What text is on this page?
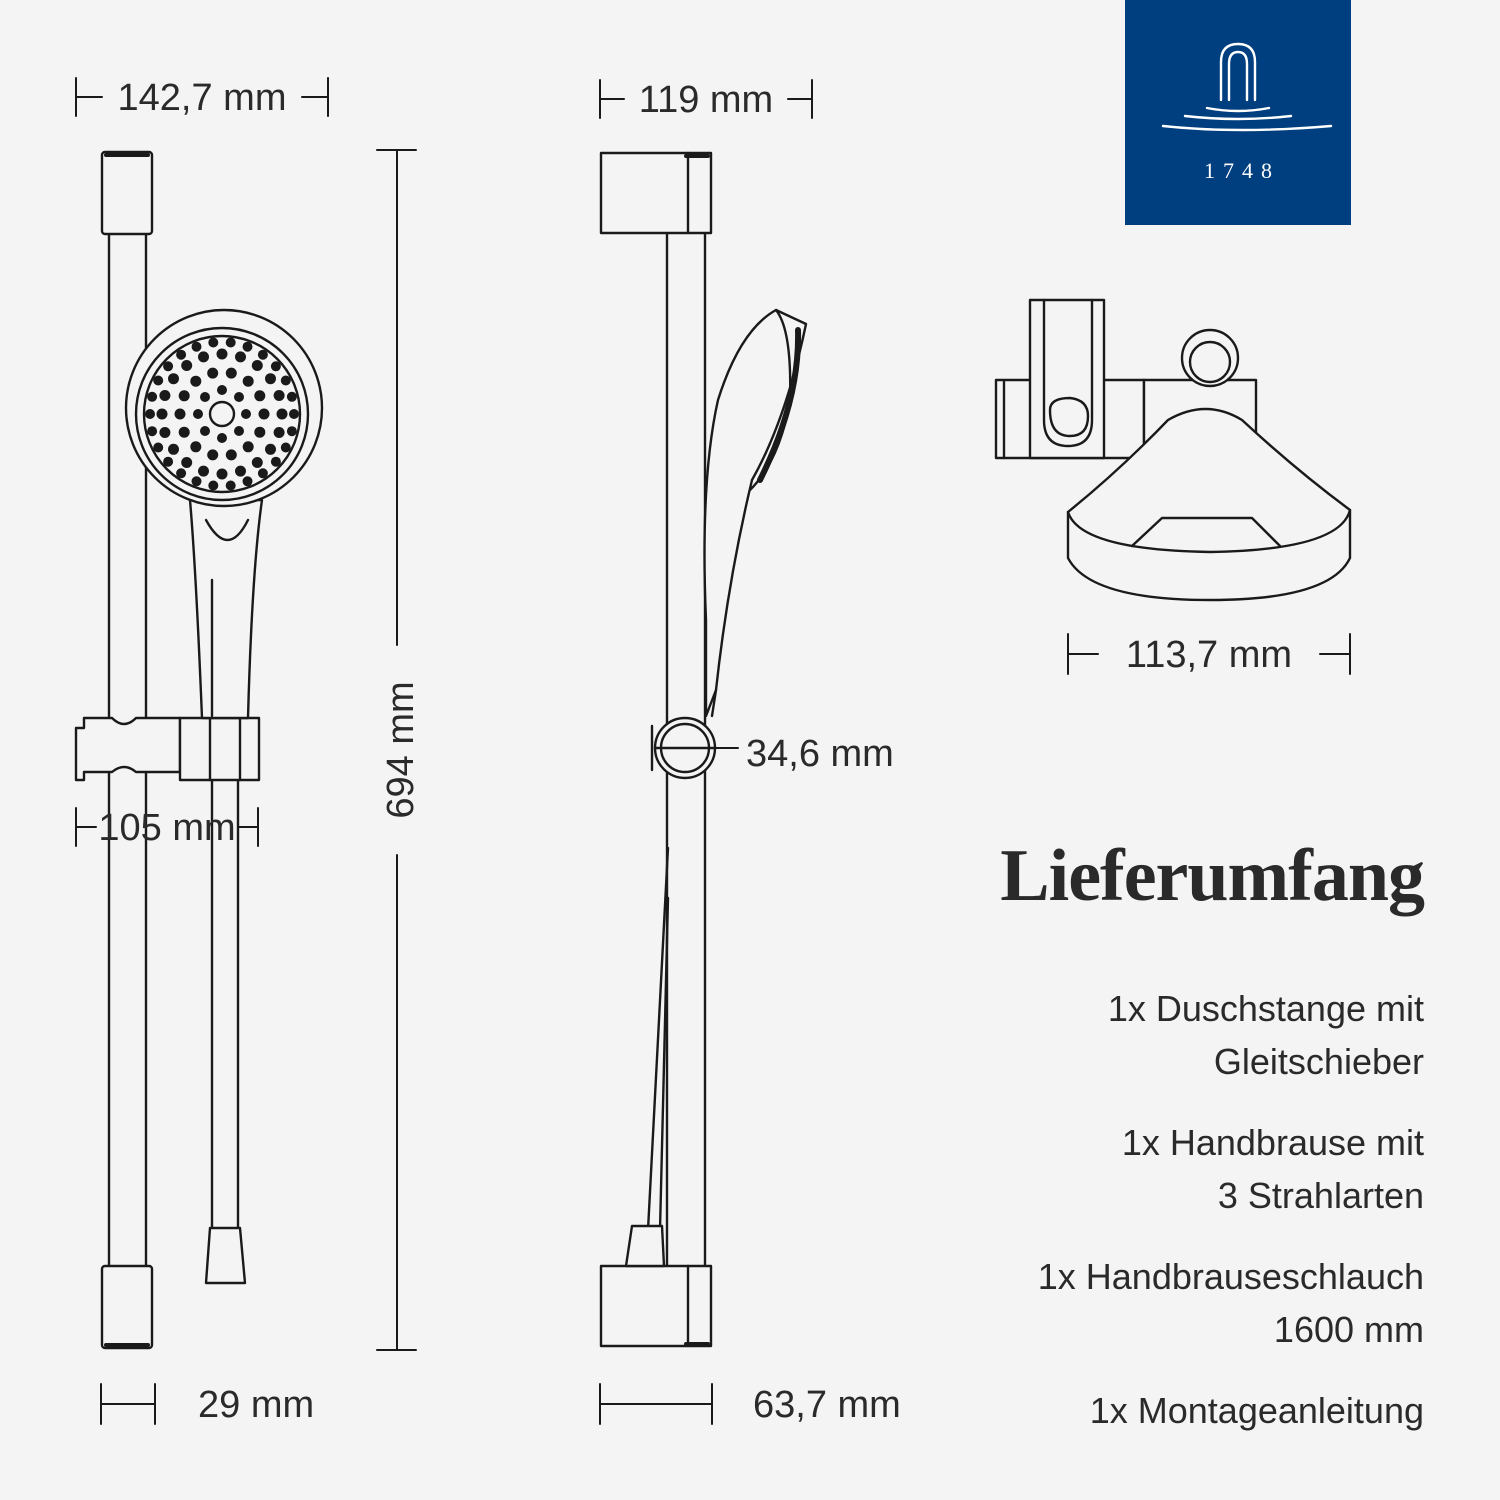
142,7 mm	119 mm
113,7 mm
105 mm
694 mm	34,6 mm
29 mm	63,7 mm
1748
Lieferumfang
1x Duschstange mit
Gleitschieber
1x Handbrause mit
3 Strahlarten
1x Handbrauseschlauch
1600 mm
1x Montageanleitung
